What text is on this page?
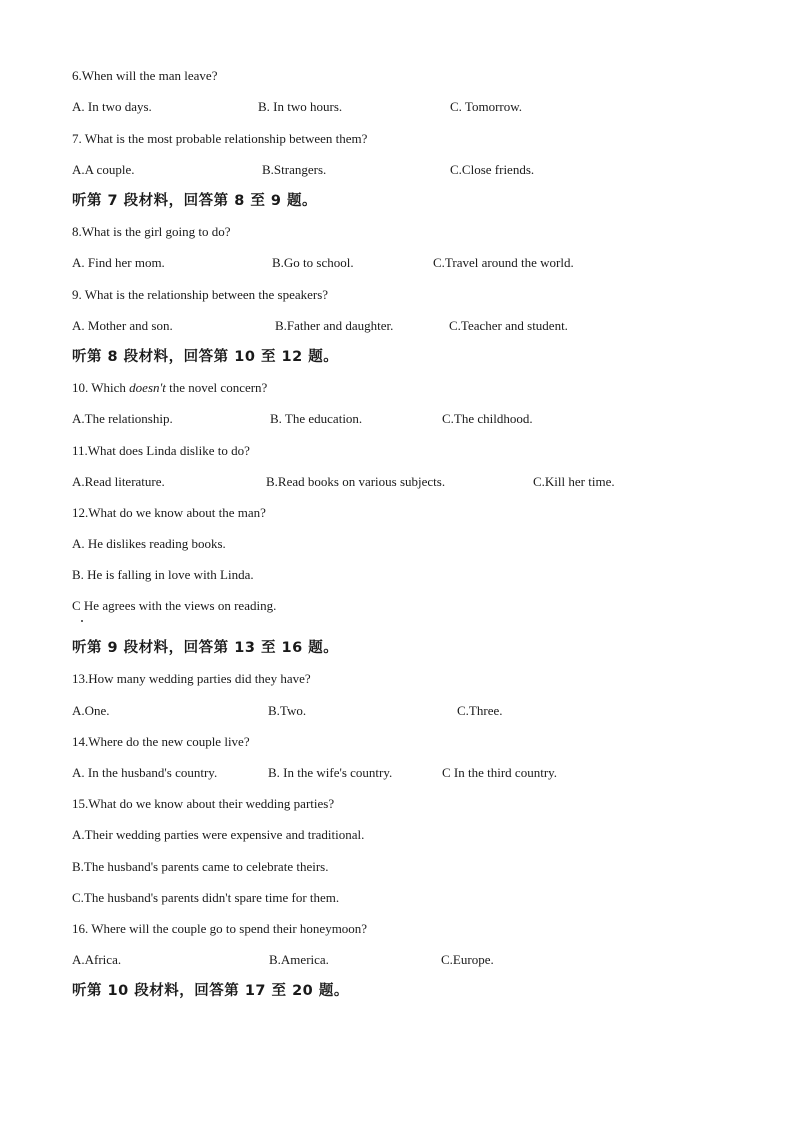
6.When will the man leave?
A. In two days.	B. In two hours.	C. Tomorrow.
7. What is the most probable relationship between them?
A.A couple.	B.Strangers.	C.Close friends.
听第 7 段材料，回答第 8 至 9 题。
8.What is the girl going to do?
A. Find her mom.	B.Go to school.	C.Travel around the world.
9. What is the relationship between the speakers?
A. Mother and son.	B.Father and daughter.	C.Teacher and student.
听第 8 段材料，回答第 10 至 12 题。
10. Which doesn't the novel concern?
A.The relationship.	B. The education.	C.The childhood.
11.What does Linda dislike to do?
A.Read literature.	B.Read books on various subjects.	C.Kill her time.
12.What do we know about the man?
A. He dislikes reading books.
B. He is falling in love with Linda.
C He agrees with the views on reading.
听第 9 段材料，回答第 13 至 16 题。
13.How many wedding parties did they have?
A.One.	B.Two.	C.Three.
14.Where do the new couple live?
A. In the husband's country.	B. In the wife's country.	C In the third country.
15.What do we know about their wedding parties?
A.Their wedding parties were expensive and traditional.
B.The husband's parents came to celebrate theirs.
C.The husband's parents didn't spare time for them.
16. Where will the couple go to spend their honeymoon?
A.Africa.	B.America.	C.Europe.
听第 10 段材料，回答第 17 至 20 题。
